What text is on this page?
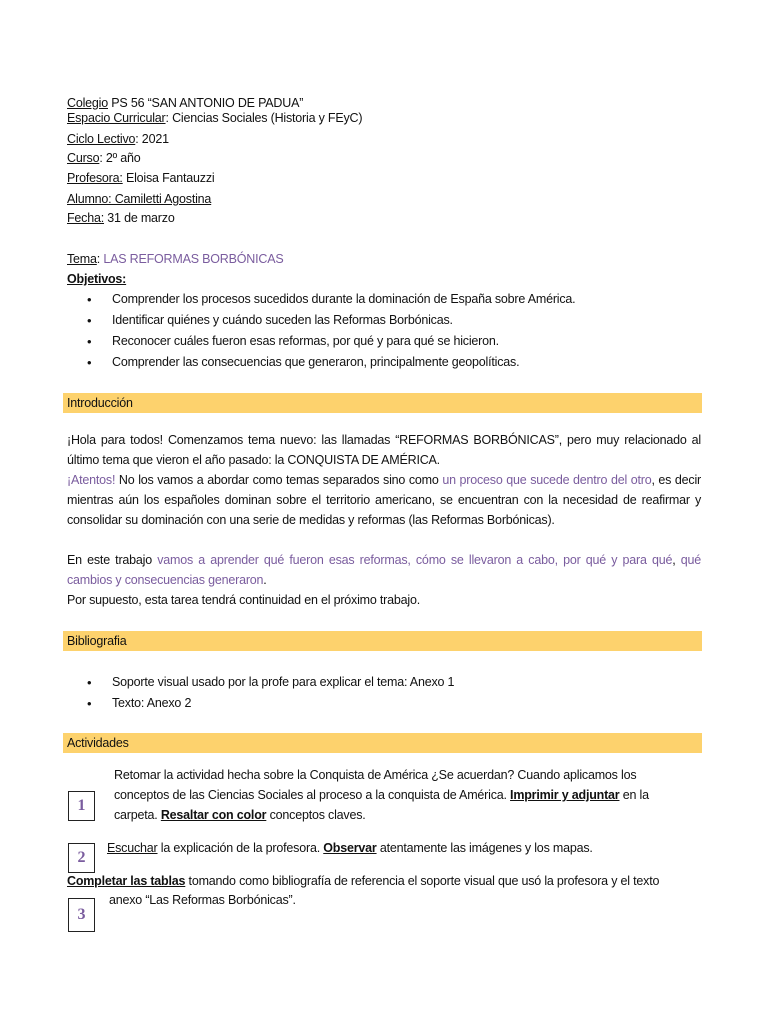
Colegio PS 56 “SAN ANTONIO DE PADUA”
Espacio Curricular: Ciencias Sociales (Historia y FEyC)
Ciclo Lectivo: 2021
Curso: 2º año
Profesora: Eloisa Fantauzzi
Alumno: Camiletti Agostina
Fecha: 31 de marzo
Tema: LAS REFORMAS BORBÓNICAS
Objetivos:
• Comprender los procesos sucedidos durante la dominación de España sobre América.
• Identificar quiénes y cuándo suceden las Reformas Borbónicas.
• Reconocer cuáles fueron esas reformas, por qué y para qué se hicieron.
• Comprender las consecuencias que generaron, principalmente geopolíticas.
Introducción

¡Hola para todos! Comenzamos tema nuevo: las llamadas “REFORMAS BORBÓNICAS”, pero muy relacionado al último tema que vieron el año pasado: la CONQUISTA DE AMÉRICA.

¡Atentos! No los vamos a abordar como temas separados sino como un proceso que sucede dentro del otro, es decir mientras aún los españoles dominan sobre el territorio americano, se encuentran con la necesidad de reafirmar y consolidar su dominación con una serie de medidas y reformas (las Reformas Borbónicas).

En este trabajo vamos a aprender qué fueron esas reformas, cómo se llevaron a cabo, por qué y para qué, qué cambios y consecuencias generaron.

Por supuesto, esta tarea tendrá continuidad en el próximo trabajo.

Bibliografia
• Soporte visual usado por la profe para explicar el tema: Anexo 1
• Texto: Anexo 2
Actividades
1
Retomar la actividad hecha sobre la Conquista de América ¿Se acuerdan? Cuando aplicamos los conceptos de las Ciencias Sociales al proceso a la conquista de América. Imprimir y adjuntar en la carpeta. Resaltar con color conceptos claves.
2
Escuchar la explicación de la profesora. Observar atentamente las imágenes y los mapas.
Completar las tablas tomando como bibliografía de referencia el soporte visual que usó la profesora y el texto
anexo “Las Reformas Borbónicas”.
3
